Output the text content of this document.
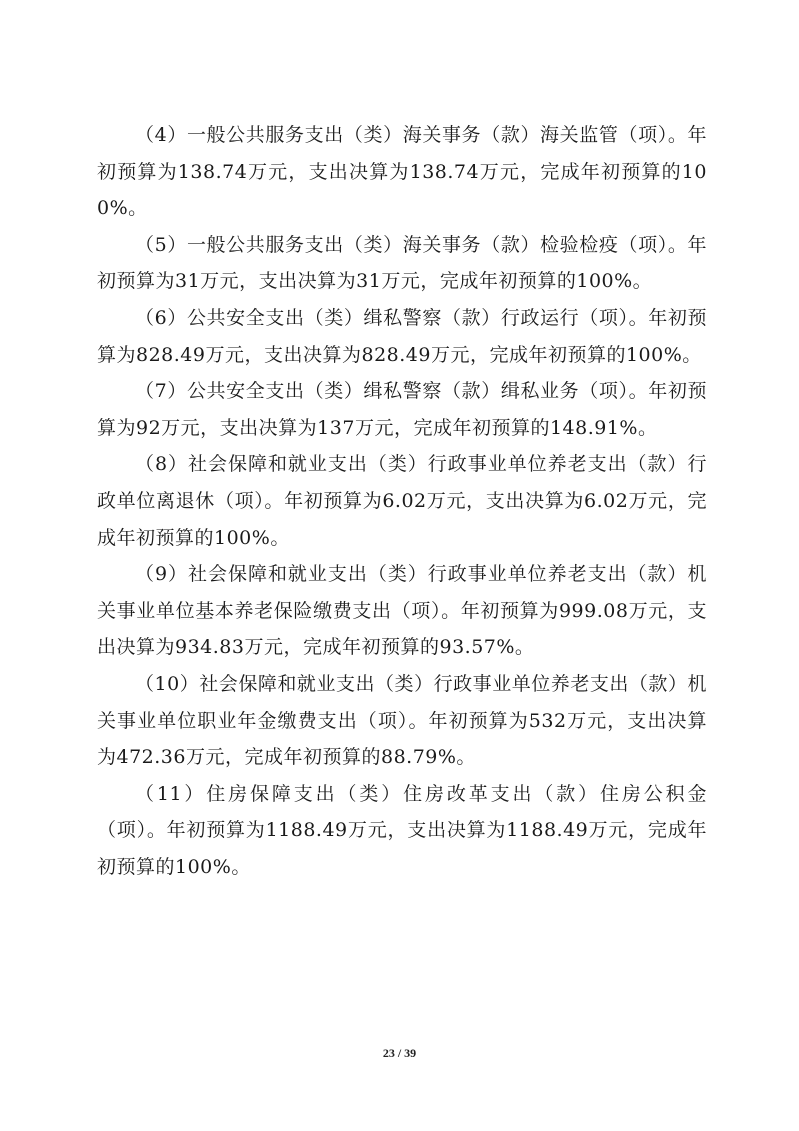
（4）一般公共服务支出（类）海关事务（款）海关监管（项）。年初预算为138.74万元，支出决算为138.74万元，完成年初预算的100%。

（5）一般公共服务支出（类）海关事务（款）检验检疫（项）。年初预算为31万元，支出决算为31万元，完成年初预算的100%。

（6）公共安全支出（类）缉私警察（款）行政运行（项）。年初预算为828.49万元，支出决算为828.49万元，完成年初预算的100%。

（7）公共安全支出（类）缉私警察（款）缉私业务（项）。年初预算为92万元，支出决算为137万元，完成年初预算的148.91%。

（8）社会保障和就业支出（类）行政事业单位养老支出（款）行政单位离退休（项）。年初预算为6.02万元，支出决算为6.02万元，完成年初预算的100%。

（9）社会保障和就业支出（类）行政事业单位养老支出（款）机关事业单位基本养老保险缴费支出（项）。年初预算为999.08万元，支出决算为934.83万元，完成年初预算的93.57%。

（10）社会保障和就业支出（类）行政事业单位养老支出（款）机关事业单位职业年金缴费支出（项）。年初预算为532万元，支出决算为472.36万元，完成年初预算的88.79%。

（11）住房保障支出（类）住房改革支出（款）住房公积金（项）。年初预算为1188.49万元，支出决算为1188.49万元，完成年初预算的100%。

23 / 39
